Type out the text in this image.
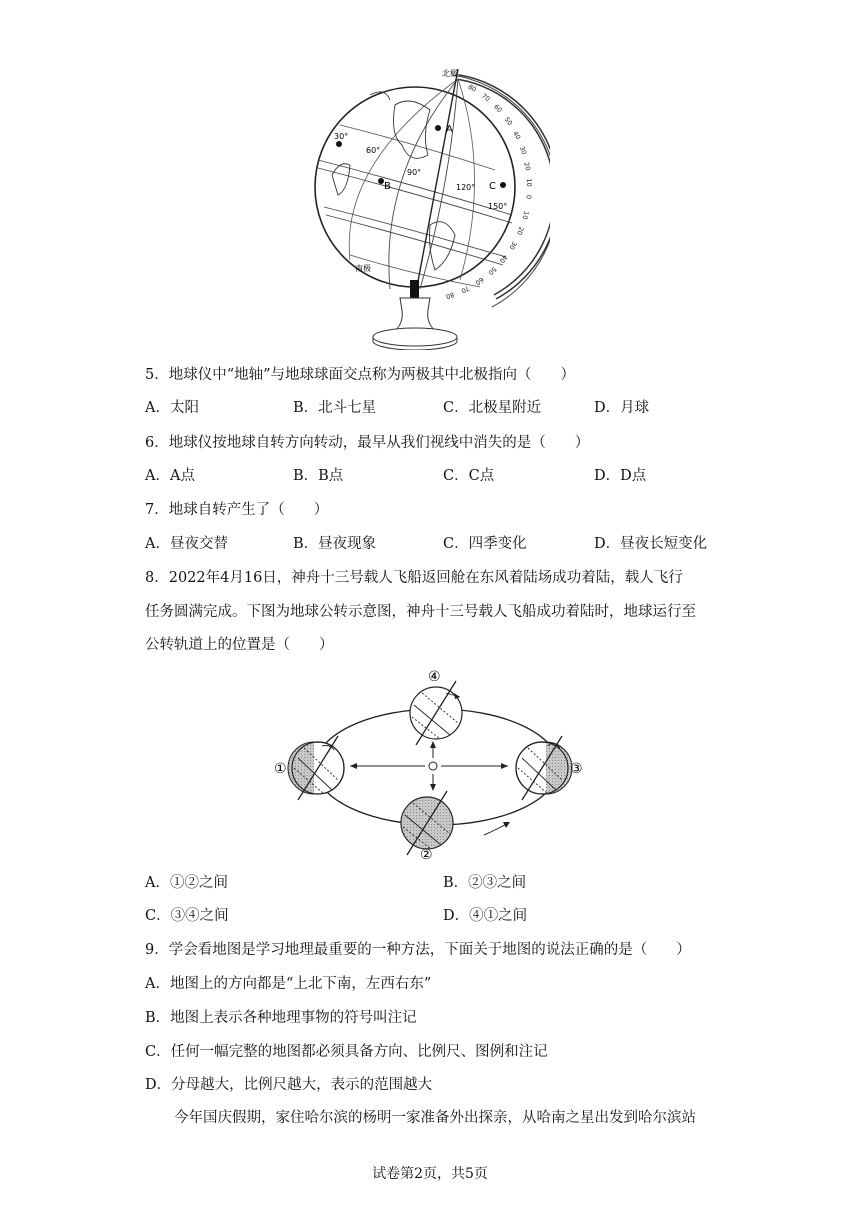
A
B	C
30°
60°
90°
120°
150°
北极
南极
80
70
60
50
40
30
20
10
0
10
20
30
40
50
60
70
80
5．地球仪中“地轴”与地球球面交点称为两极其中北极指向（　　）
A．太阳	B．北斗七星	C．北极星附近	D．月球
6．地球仪按地球自转方向转动，最早从我们视线中消失的是（　　）
A．A点	B．B点	C．C点	D．D点
7．地球自转产生了（　　）
A．昼夜交替	B．昼夜现象	C．四季变化	D．昼夜长短变化
8．2022年4月16日，神舟十三号载人飞船返回舱在东风着陆场成功着陆，载人飞行
任务圆满完成。下图为地球公转示意图，神舟十三号载人飞船成功着陆时，地球运行至
公转轨道上的位置是（　　）
☼
①
②
③
④
A．①②之间	B．②③之间
C．③④之间	D．④①之间
9．学会看地图是学习地理最重要的一种方法，下面关于地图的说法正确的是（　　）
A．地图上的方向都是“上北下南，左西右东”
B．地图上表示各种地理事物的符号叫注记
C．任何一幅完整的地图都必须具备方向、比例尺、图例和注记
D．分母越大，比例尺越大，表示的范围越大
今年国庆假期，家住哈尔滨的杨明一家准备外出探亲，从哈南之星出发到哈尔滨站
试卷第2页，共5页
